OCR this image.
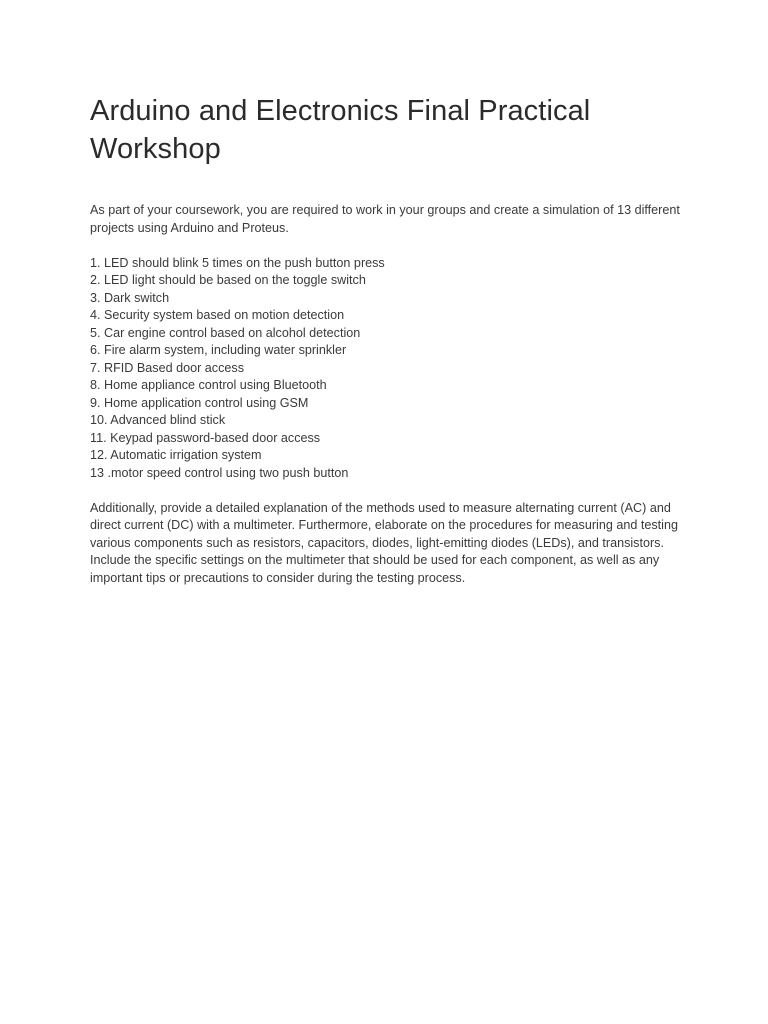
Arduino and Electronics Final Practical Workshop

As part of your coursework, you are required to work in your groups and create a simulation of 13 different projects using Arduino and Proteus.

1. LED should blink 5 times on the push button press
2. LED light should be based on the toggle switch
3. Dark switch
4. Security system based on motion detection
5. Car engine control based on alcohol detection
6. Fire alarm system, including water sprinkler
7. RFID Based door access
8. Home appliance control using Bluetooth
9. Home application control using GSM
10. Advanced blind stick
11. Keypad password-based door access
12. Automatic irrigation system
13 .motor speed control using two push button

Additionally, provide a detailed explanation of the methods used to measure alternating current (AC) and direct current (DC) with a multimeter. Furthermore, elaborate on the procedures for measuring and testing various components such as resistors, capacitors, diodes, light-emitting diodes (LEDs), and transistors. Include the specific settings on the multimeter that should be used for each component, as well as any important tips or precautions to consider during the testing process.
